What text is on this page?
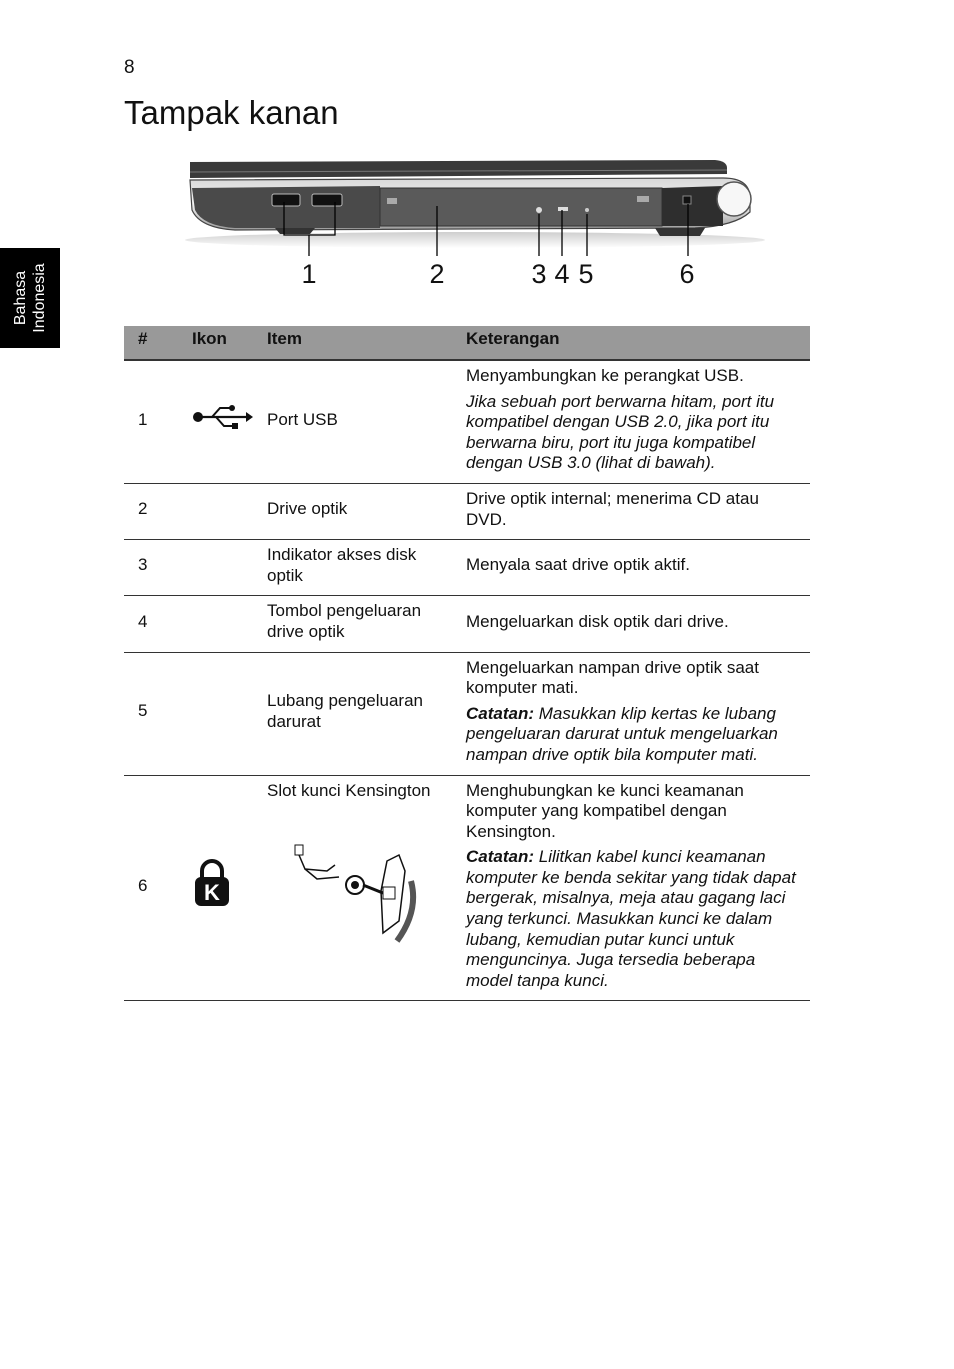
8
Tampak kanan
Bahasa Indonesia	1	2	3 4 5	6
#	Ikon	Item	Keterangan
1		Port USB	Menyambungkan ke perangkat USB.

Jika sebuah port berwarna hitam, port itu kompatibel dengan USB 2.0, jika port itu berwarna biru, port itu juga kompatibel dengan USB 3.0 (lihat di bawah).

2		Drive optik	Drive optik internal; menerima CD atau DVD.
3		Indikator akses disk optik	Menyala saat drive optik aktif.
4		Tombol pengeluaran drive optik	Mengeluarkan disk optik dari drive.
5		Lubang pengeluaran darurat	Mengeluarkan nampan drive optik saat komputer mati.

Catatan: Masukkan klip kertas ke lubang pengeluaran darurat untuk mengeluarkan nampan drive optik bila komputer mati.

6	K	Slot kunci Kensington	Menghubungkan ke kunci keamanan komputer yang kompatibel dengan Kensington.

Catatan: Lilitkan kabel kunci keamanan komputer ke benda sekitar yang tidak dapat bergerak, misalnya, meja atau gagang laci yang terkunci. Masukkan kunci ke dalam lubang, kemudian putar kunci untuk menguncinya. Juga tersedia beberapa model tanpa kunci.
